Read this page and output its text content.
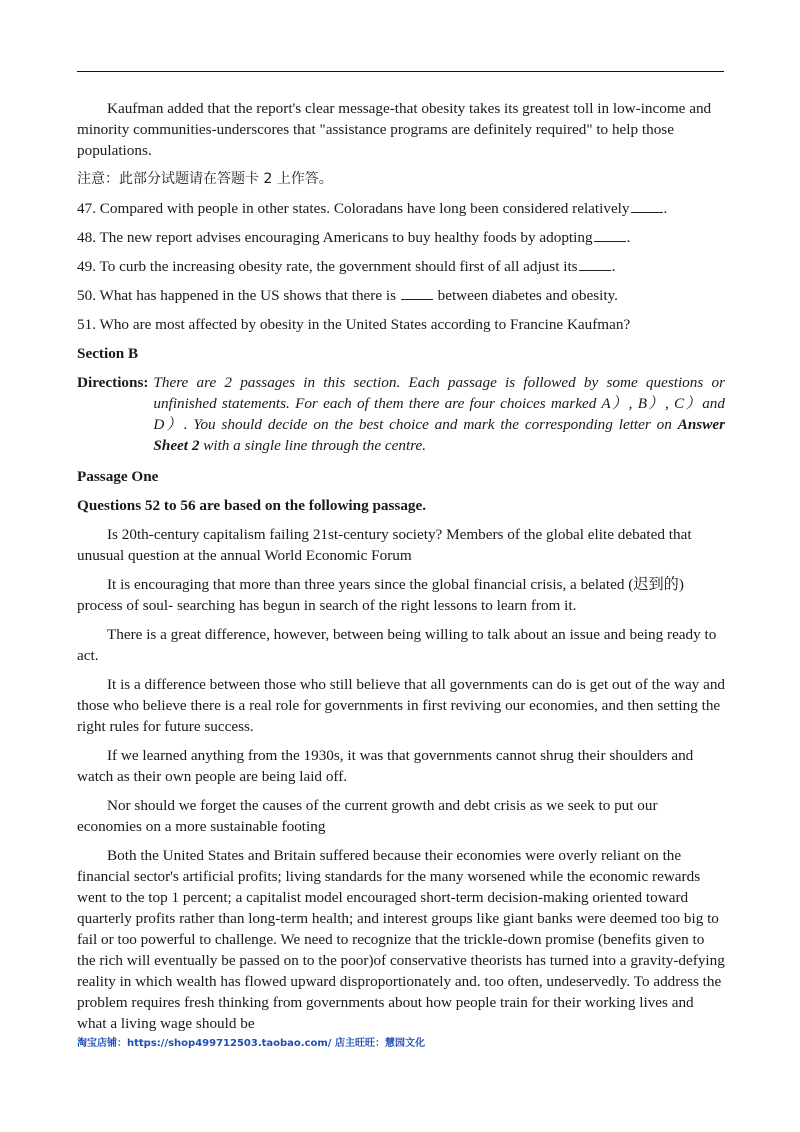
Kaufman added that the report's clear message-that obesity takes its greatest toll in low-income and minority communities-underscores that "assistance programs are definitely required" to help those populations.

注意：此部分试题请在答题卡 2 上作答。

47. Compared with people in other states. Coloradans have long been considered relatively .
48. The new report advises encouraging Americans to buy healthy foods by adopting .
49. To curb the increasing obesity rate, the government should first of all adjust its .
50. What has happened in the US shows that there is  between diabetes and obesity.
51. Who are most affected by obesity in the United States according to Francine Kaufman?

Section B

Directions: There are 2 passages in this section. Each passage is followed by some questions or unfinished statements. For each of them there are four choices marked A）, B）, C）and D）. You should decide on the best choice and mark the corresponding letter on Answer Sheet 2 with a single line through the centre.

Passage One

Questions 52 to 56 are based on the following passage.

Is 20th-century capitalism failing 21st-century society? Members of the global elite debated that unusual question at the annual World Economic Forum

It is encouraging that more than three years since the global financial crisis, a belated (迟到的) process of soul- searching has begun in search of the right lessons to learn from it.

There is a great difference, however, between being willing to talk about an issue and being ready to act.

It is a difference between those who still believe that all governments can do is get out of the way and those who believe there is a real role for governments in first reviving our economies, and then setting the right rules for future success.

If we learned anything from the 1930s, it was that governments cannot shrug their shoulders and watch as their own people are being laid off.

Nor should we forget the causes of the current growth and debt crisis as we seek to put our economies on a more sustainable footing

Both the United States and Britain suffered because their economies were overly reliant on the financial sector's artificial profits; living standards for the many worsened while the economic rewards went to the top 1 percent; a capitalist model encouraged short-term decision-making oriented toward quarterly profits rather than long-term health; and interest groups like giant banks were deemed too big to fail or too powerful to challenge. We need to recognize that the trickle-down promise (benefits given to the rich will eventually be passed on to the poor)of conservative theorists has turned into a gravity-defying reality in which wealth has flowed upward disproportionately and. too often, undeservedly. To address the problem requires fresh thinking from governments about how people train for their working lives and what a living wage should be

淘宝店铺：https://shop499712503.taobao.com/ 店主旺旺：慧园文化
